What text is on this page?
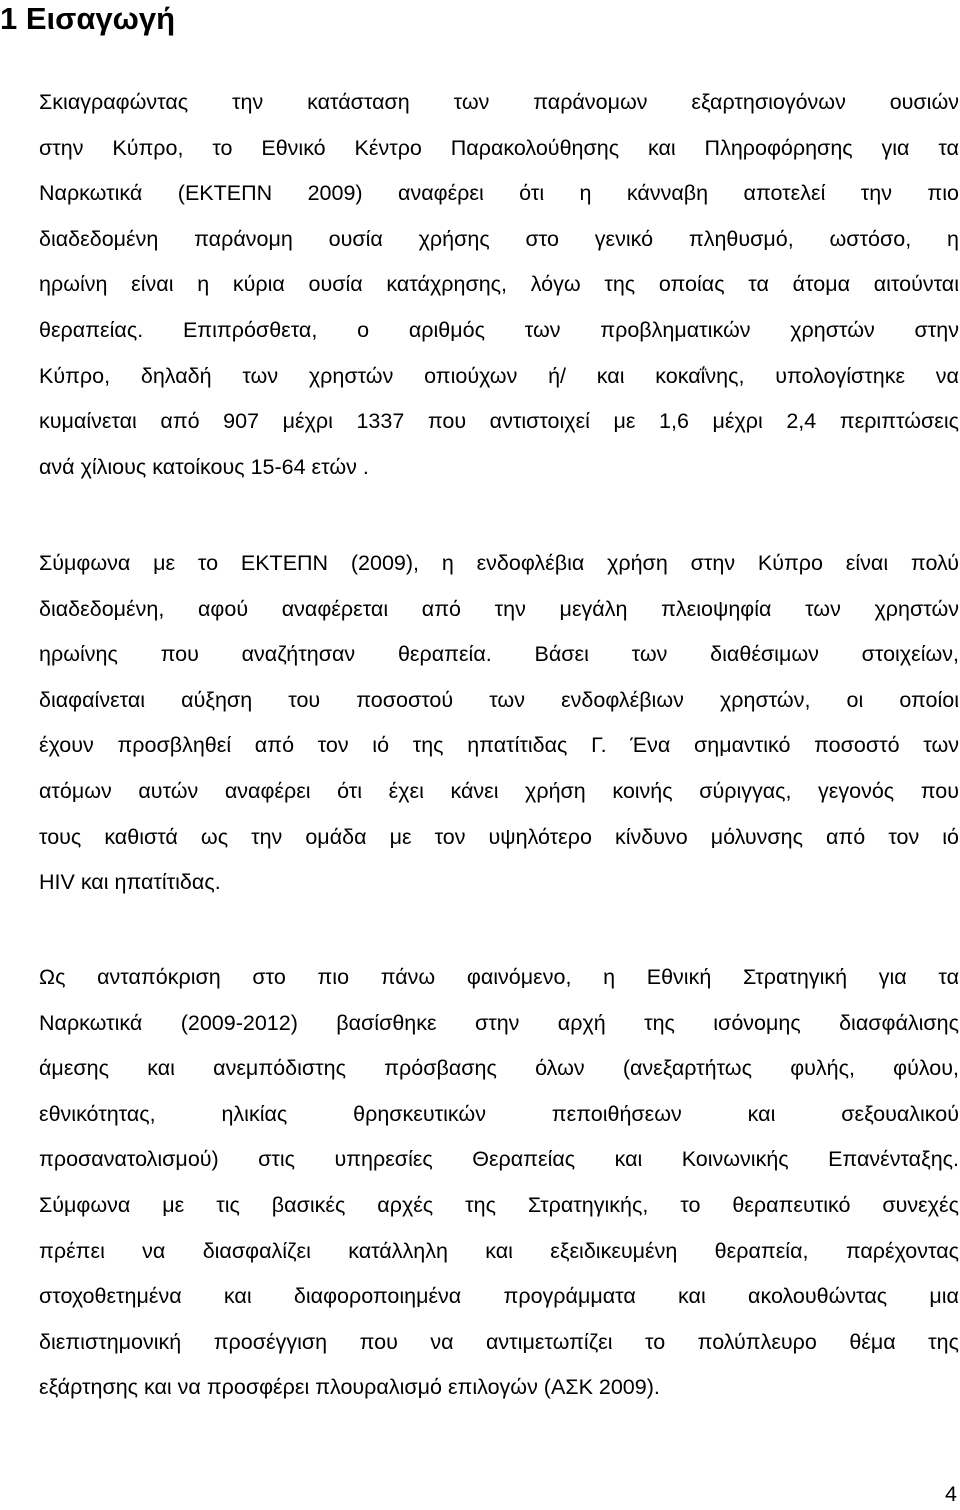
1 Εισαγωγή
Σκιαγραφώντας την κατάσταση των παράνομων εξαρτησιογόνων ουσιών
στην Κύπρο, το Εθνικό Κέντρο Παρακολούθησης και Πληροφόρησης για τα
Ναρκωτικά (ΕΚΤΕΠΝ 2009) αναφέρει ότι η κάνναβη αποτελεί την πιο
διαδεδομένη παράνομη ουσία χρήσης στο γενικό πληθυσμό, ωστόσο, η
ηρωίνη είναι η κύρια ουσία κατάχρησης, λόγω της οποίας τα άτομα αιτούνται
θεραπείας. Επιπρόσθετα, ο αριθμός των προβληματικών χρηστών στην
Κύπρο, δηλαδή των χρηστών οπιούχων ή/ και κοκαΐνης, υπολογίστηκε να
κυμαίνεται από 907 μέχρι 1337 που αντιστοιχεί με 1,6 μέχρι 2,4 περιπτώσεις
ανά χίλιους κατοίκους 15-64 ετών .
Σύμφωνα με το ΕΚΤΕΠΝ (2009), η ενδοφλέβια χρήση στην Κύπρο είναι πολύ
διαδεδομένη, αφού αναφέρεται από την μεγάλη πλειοψηφία των χρηστών
ηρωίνης που αναζήτησαν θεραπεία. Βάσει των διαθέσιμων στοιχείων,
διαφαίνεται αύξηση του ποσοστού των ενδοφλέβιων χρηστών, οι οποίοι
έχουν προσβληθεί από τον ιό της ηπατίτιδας Γ. Ένα σημαντικό ποσοστό των
ατόμων αυτών αναφέρει ότι έχει κάνει χρήση κοινής σύριγγας, γεγονός που
τους καθιστά ως την ομάδα με τον υψηλότερο κίνδυνο μόλυνσης από τον ιό
HIV και ηπατίτιδας.
Ως ανταπόκριση στο πιο πάνω φαινόμενο, η Εθνική Στρατηγική για τα
Ναρκωτικά (2009-2012) βασίσθηκε στην αρχή της ισόνομης διασφάλισης
άμεσης και ανεμπόδιστης πρόσβασης όλων (ανεξαρτήτως φυλής, φύλου,
εθνικότητας, ηλικίας θρησκευτικών πεποιθήσεων και σεξουαλικού
προσανατολισμού) στις υπηρεσίες Θεραπείας και Κοινωνικής Επανένταξης.
Σύμφωνα με τις βασικές αρχές της Στρατηγικής, το θεραπευτικό συνεχές
πρέπει να διασφαλίζει κατάλληλη και εξειδικευμένη θεραπεία, παρέχοντας
στοχοθετημένα και διαφοροποιημένα προγράμματα και ακολουθώντας μια
διεπιστημονική προσέγγιση που να αντιμετωπίζει το πολύπλευρο θέμα της
εξάρτησης και να προσφέρει πλουραλισμό επιλογών (ΑΣΚ 2009).
4
